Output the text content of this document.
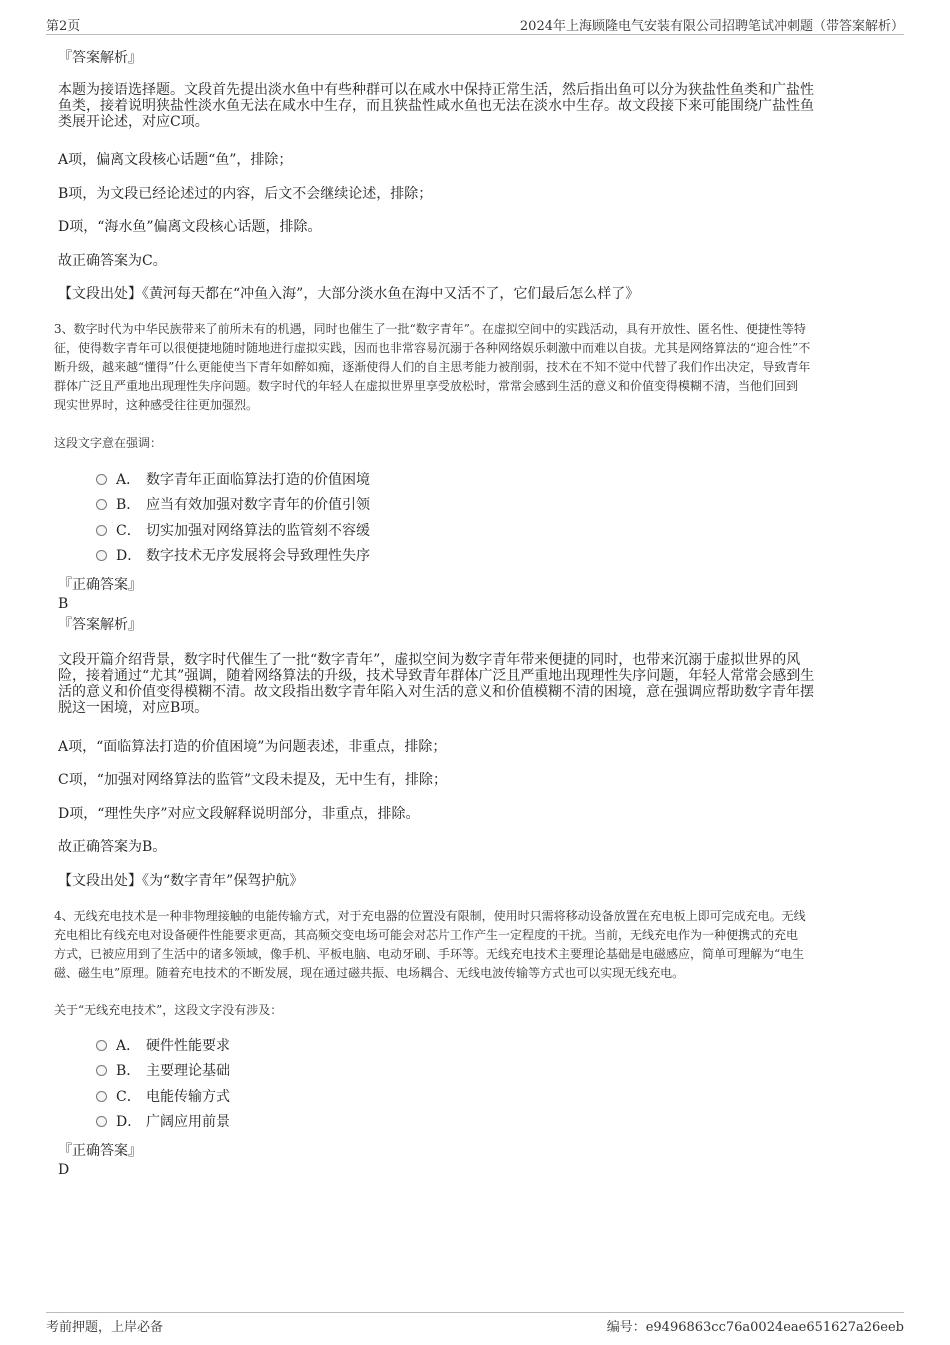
第2页	2024年上海顾隆电气安装有限公司招聘笔试冲刺题（带答案解析）
『答案解析』
本题为接语选择题。文段首先提出淡水鱼中有些种群可以在咸水中保持正常生活，然后指出鱼可以分为狭盐性鱼类和广盐性
鱼类，接着说明狭盐性淡水鱼无法在咸水中生存，而且狭盐性咸水鱼也无法在淡水中生存。故文段接下来可能围绕广盐性鱼
类展开论述，对应C项。
A项，偏离文段核心话题“鱼”，排除；
B项，为文段已经论述过的内容，后文不会继续论述，排除；
D项，“海水鱼”偏离文段核心话题，排除。
故正确答案为C。
【文段出处】《黄河每天都在“冲鱼入海”，大部分淡水鱼在海中又活不了，它们最后怎么样了》
3、数字时代为中华民族带来了前所未有的机遇，同时也催生了一批“数字青年”。在虚拟空间中的实践活动，具有开放性、匿名性、便捷性等特
征，使得数字青年可以很便捷地随时随地进行虚拟实践，因而也非常容易沉溺于各种网络娱乐刺激中而难以自拔。尤其是网络算法的“迎合性”不
断升级，越来越“懂得”什么更能使当下青年如醉如痴，逐渐使得人们的自主思考能力被削弱，技术在不知不觉中代替了我们作出决定，导致青年
群体广泛且严重地出现理性失序问题。数字时代的年轻人在虚拟世界里享受放松时，常常会感到生活的意义和价值变得模糊不清，当他们回到
现实世界时，这种感受往往更加强烈。
这段文字意在强调：
A． 数字青年正面临算法打造的价值困境
B． 应当有效加强对数字青年的价值引领
C． 切实加强对网络算法的监管刻不容缓
D． 数字技术无序发展将会导致理性失序
『正确答案』
B
『答案解析』
文段开篇介绍背景，数字时代催生了一批“数字青年”，虚拟空间为数字青年带来便捷的同时，也带来沉溺于虚拟世界的风
险，接着通过“尤其”强调，随着网络算法的升级，技术导致青年群体广泛且严重地出现理性失序问题，年轻人常常会感到生
活的意义和价值变得模糊不清。故文段指出数字青年陷入对生活的意义和价值模糊不清的困境，意在强调应帮助数字青年摆
脱这一困境，对应B项。
A项，“面临算法打造的价值困境”为问题表述，非重点，排除；
C项，“加强对网络算法的监管”文段未提及，无中生有，排除；
D项，“理性失序”对应文段解释说明部分，非重点，排除。
故正确答案为B。
【文段出处】《为“数字青年”保驾护航》
4、无线充电技术是一种非物理接触的电能传输方式，对于充电器的位置没有限制，使用时只需将移动设备放置在充电板上即可完成充电。无线
充电相比有线充电对设备硬件性能要求更高，其高频交变电场可能会对芯片工作产生一定程度的干扰。当前，无线充电作为一种便携式的充电
方式，已被应用到了生活中的诸多领域，像手机、平板电脑、电动牙刷、手环等。无线充电技术主要理论基础是电磁感应，简单可理解为“电生
磁、磁生电”原理。随着充电技术的不断发展，现在通过磁共振、电场耦合、无线电波传输等方式也可以实现无线充电。
关于“无线充电技术”，这段文字没有涉及：
A． 硬件性能要求
B． 主要理论基础
C． 电能传输方式
D． 广阔应用前景
『正确答案』
D
考前押题，上岸必备	编号：e9496863cc76a0024eae651627a26eeb
